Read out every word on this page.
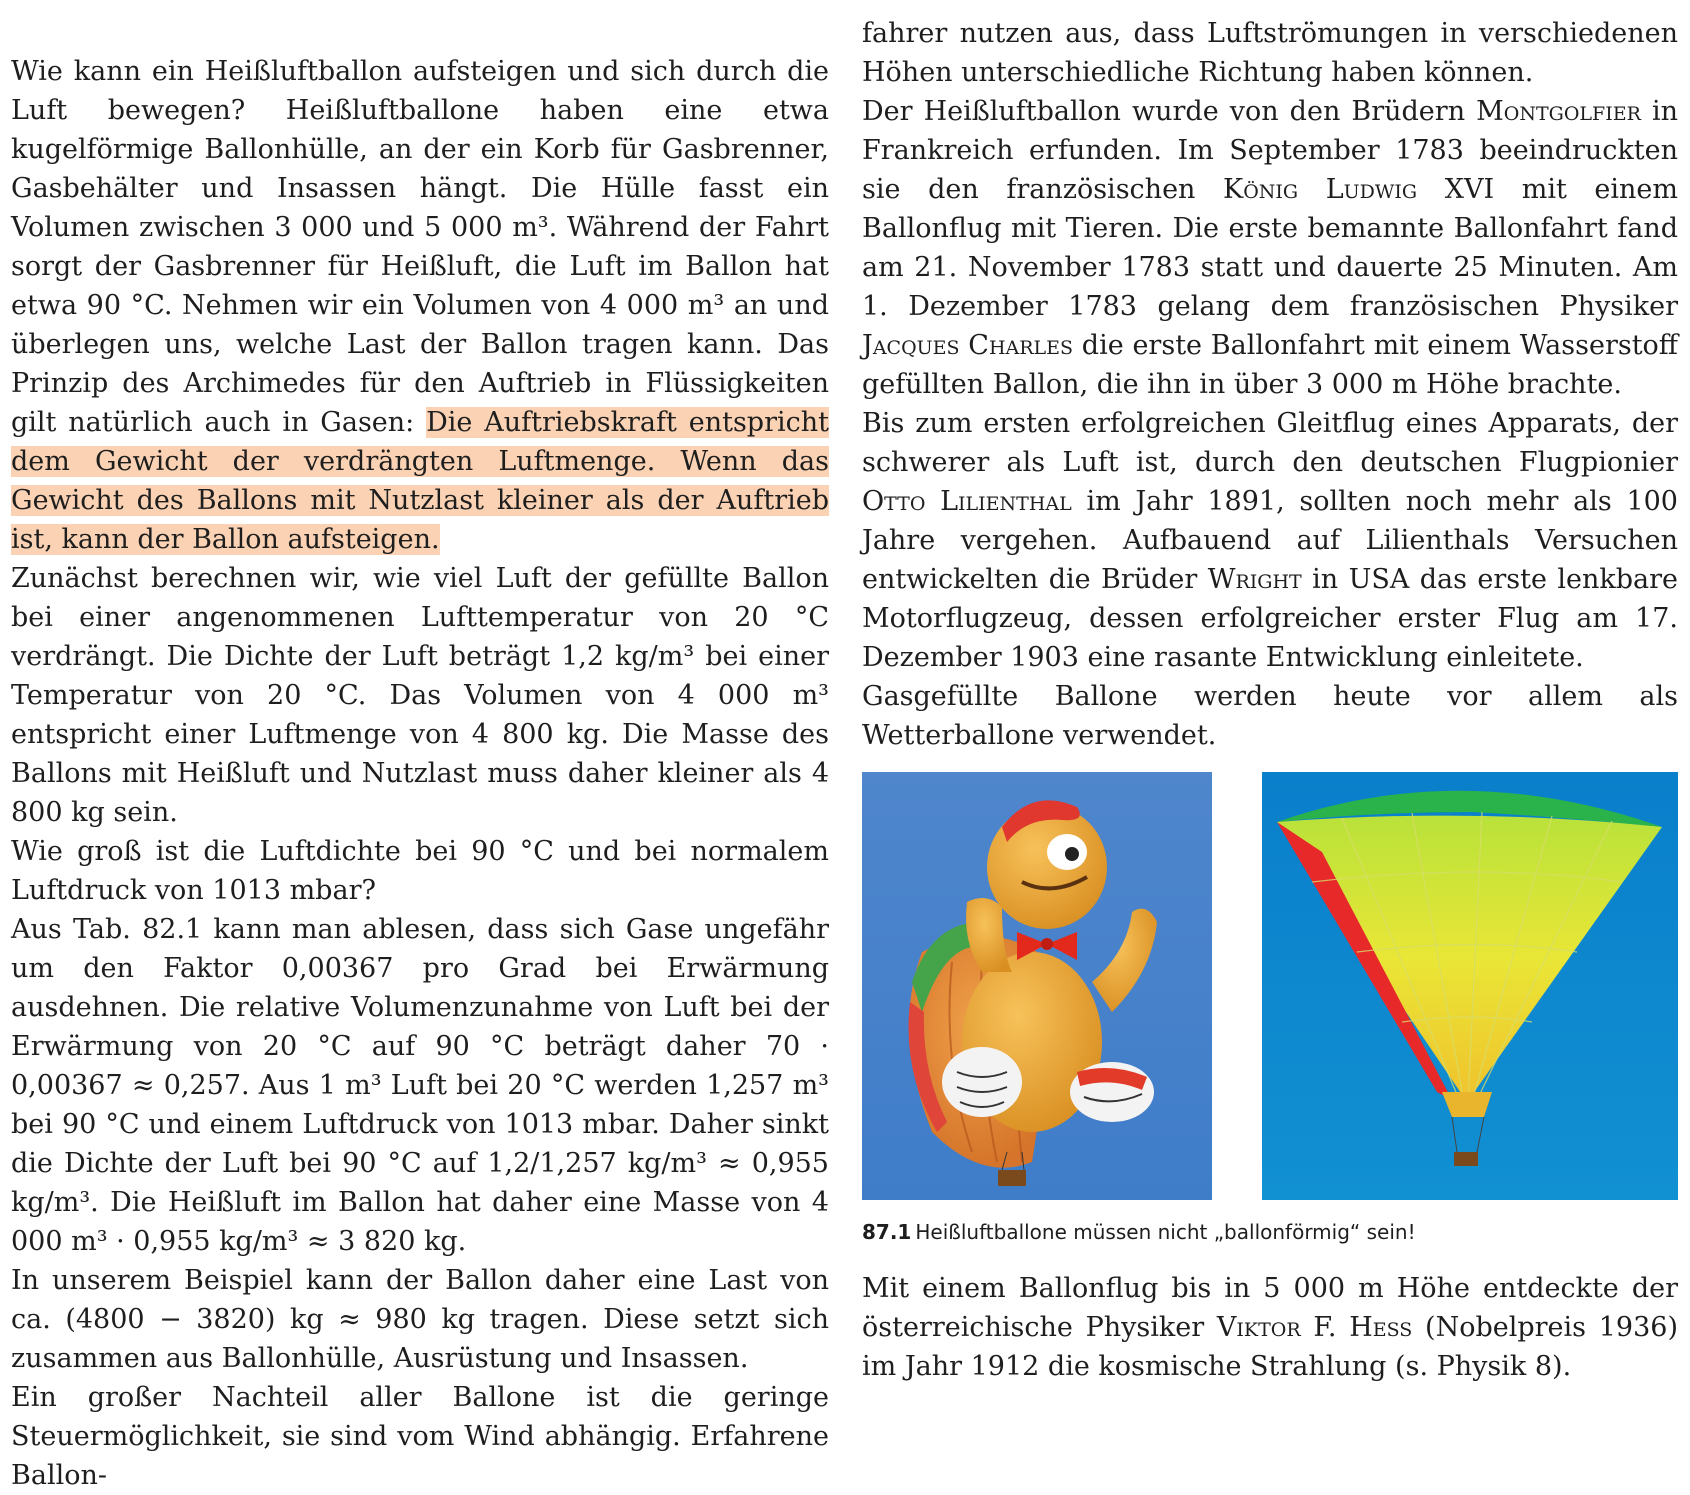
Wie kann ein Heißluftballon aufsteigen und sich durch die Luft bewegen? Heißluftballone haben eine etwa kugelförmige Ballonhülle, an der ein Korb für Gasbrenner, Gasbehälter und Insassen hängt. Die Hülle fasst ein Volumen zwischen 3 000 und 5 000 m³. Während der Fahrt sorgt der Gasbrenner für Heißluft, die Luft im Ballon hat etwa 90 °C. Nehmen wir ein Volumen von 4 000 m³ an und überlegen uns, welche Last der Ballon tragen kann. Das Prinzip des Archimedes für den Auftrieb in Flüssigkeiten gilt natürlich auch in Gasen: Die Auftriebskraft entspricht dem Gewicht der verdrängten Luftmenge. Wenn das Gewicht des Ballons mit Nutzlast kleiner als der Auftrieb ist, kann der Ballon aufsteigen.

Zunächst berechnen wir, wie viel Luft der gefüllte Ballon bei einer angenommenen Lufttemperatur von 20 °C verdrängt. Die Dichte der Luft beträgt 1,2 kg/m³ bei einer Temperatur von 20 °C. Das Volumen von 4 000 m³ entspricht einer Luftmenge von 4 800 kg. Die Masse des Ballons mit Heißluft und Nutzlast muss daher kleiner als 4 800 kg sein.

Wie groß ist die Luftdichte bei 90 °C und bei normalem Luftdruck von 1013 mbar?

Aus Tab. 82.1 kann man ablesen, dass sich Gase ungefähr um den Faktor 0,00367 pro Grad bei Erwärmung ausdehnen. Die relative Volumenzunahme von Luft bei der Erwärmung von 20 °C auf 90 °C beträgt daher 70 · 0,00367 ≈ 0,257. Aus 1 m³ Luft bei 20 °C werden 1,257 m³ bei 90 °C und einem Luftdruck von 1013 mbar. Daher sinkt die Dichte der Luft bei 90 °C auf 1,2/1,257 kg/m³ ≈ 0,955 kg/m³. Die Heißluft im Ballon hat daher eine Masse von 4 000 m³ · 0,955 kg/m³ ≈ 3 820 kg.

In unserem Beispiel kann der Ballon daher eine Last von ca. (4800 − 3820) kg ≈ 980 kg tragen. Diese setzt sich zusammen aus Ballonhülle, Ausrüstung und Insassen.

Ein großer Nachteil aller Ballone ist die geringe Steuermöglichkeit, sie sind vom Wind abhängig. Erfahrene Ballon-

fahrer nutzen aus, dass Luftströmungen in verschiedenen Höhen unterschiedliche Richtung haben können.

Der Heißluftballon wurde von den Brüdern Montgolfier in Frankreich erfunden. Im September 1783 beeindruckten sie den französischen König Ludwig XVI mit einem Ballonflug mit Tieren. Die erste bemannte Ballonfahrt fand am 21. November 1783 statt und dauerte 25 Minuten. Am 1. Dezember 1783 gelang dem französischen Physiker Jacques Charles die erste Ballonfahrt mit einem Wasserstoff gefüllten Ballon, die ihn in über 3 000 m Höhe brachte.

Bis zum ersten erfolgreichen Gleitflug eines Apparats, der schwerer als Luft ist, durch den deutschen Flugpionier Otto Lilienthal im Jahr 1891, sollten noch mehr als 100 Jahre vergehen. Aufbauend auf Lilienthals Versuchen entwickelten die Brüder Wright in USA das erste lenkbare Motorflugzeug, dessen erfolgreicher erster Flug am 17. Dezember 1903 eine rasante Entwicklung einleitete.

Gasgefüllte Ballone werden heute vor allem als Wetterballone verwendet.

87.1 Heißluftballone müssen nicht „ballonförmig“ sein!

Mit einem Ballonflug bis in 5 000 m Höhe entdeckte der österreichische Physiker Viktor F. Hess (Nobelpreis 1936) im Jahr 1912 die kosmische Strahlung (s. Physik 8).
